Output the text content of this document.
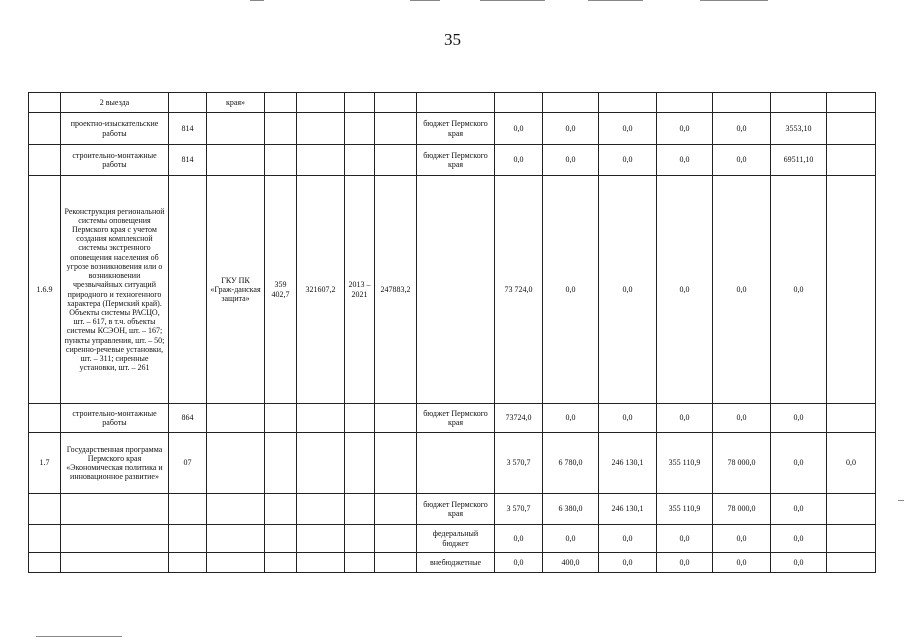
35
	2 выезда		края»												
	проектно-изыскательские работы	814						бюджет Пермского края	0,0	0,0	0,0	0,0	0,0	3553,10	
	строительно-монтажные работы	814						бюджет Пермского края	0,0	0,0	0,0	0,0	0,0	69511,10	
1.6.9	Реконструкция региональной системы оповещения Пермского края с учетом создания комплексной системы экстренного оповещения населения об угрозе возникновения или о возникновении чрезвычайных ситуаций природного и техногенного характера (Пермский край). Объекты системы РАСЦО, шт. – 617, в т.ч. объекты системы КСЭОН, шт. – 167; пункты управления, шт. – 50; сиренно-речевые установки, шт. – 311; сиренные установки, шт. – 261		ГКУ ПК «Граж-данская защита»	359 402,7	321607,2	2013 – 2021	247883,2		73 724,0	0,0	0,0	0,0	0,0	0,0	
	строительно-монтажные работы	864						бюджет Пермского края	73724,0	0,0	0,0	0,0	0,0	0,0	
1.7	Государственная программа Пермского края «Экономическая политика и инновационное развитие»	07							3 570,7	6 780,0	246 130,1	355 110,9	78 000,0	0,0	0,0
								бюджет Пермского края	3 570,7	6 380,0	246 130,1	355 110,9	78 000,0	0,0	
								федеральный бюджет	0,0	0,0	0,0	0,0	0,0	0,0	
								внебюджетные	0,0	400,0	0,0	0,0	0,0	0,0	
